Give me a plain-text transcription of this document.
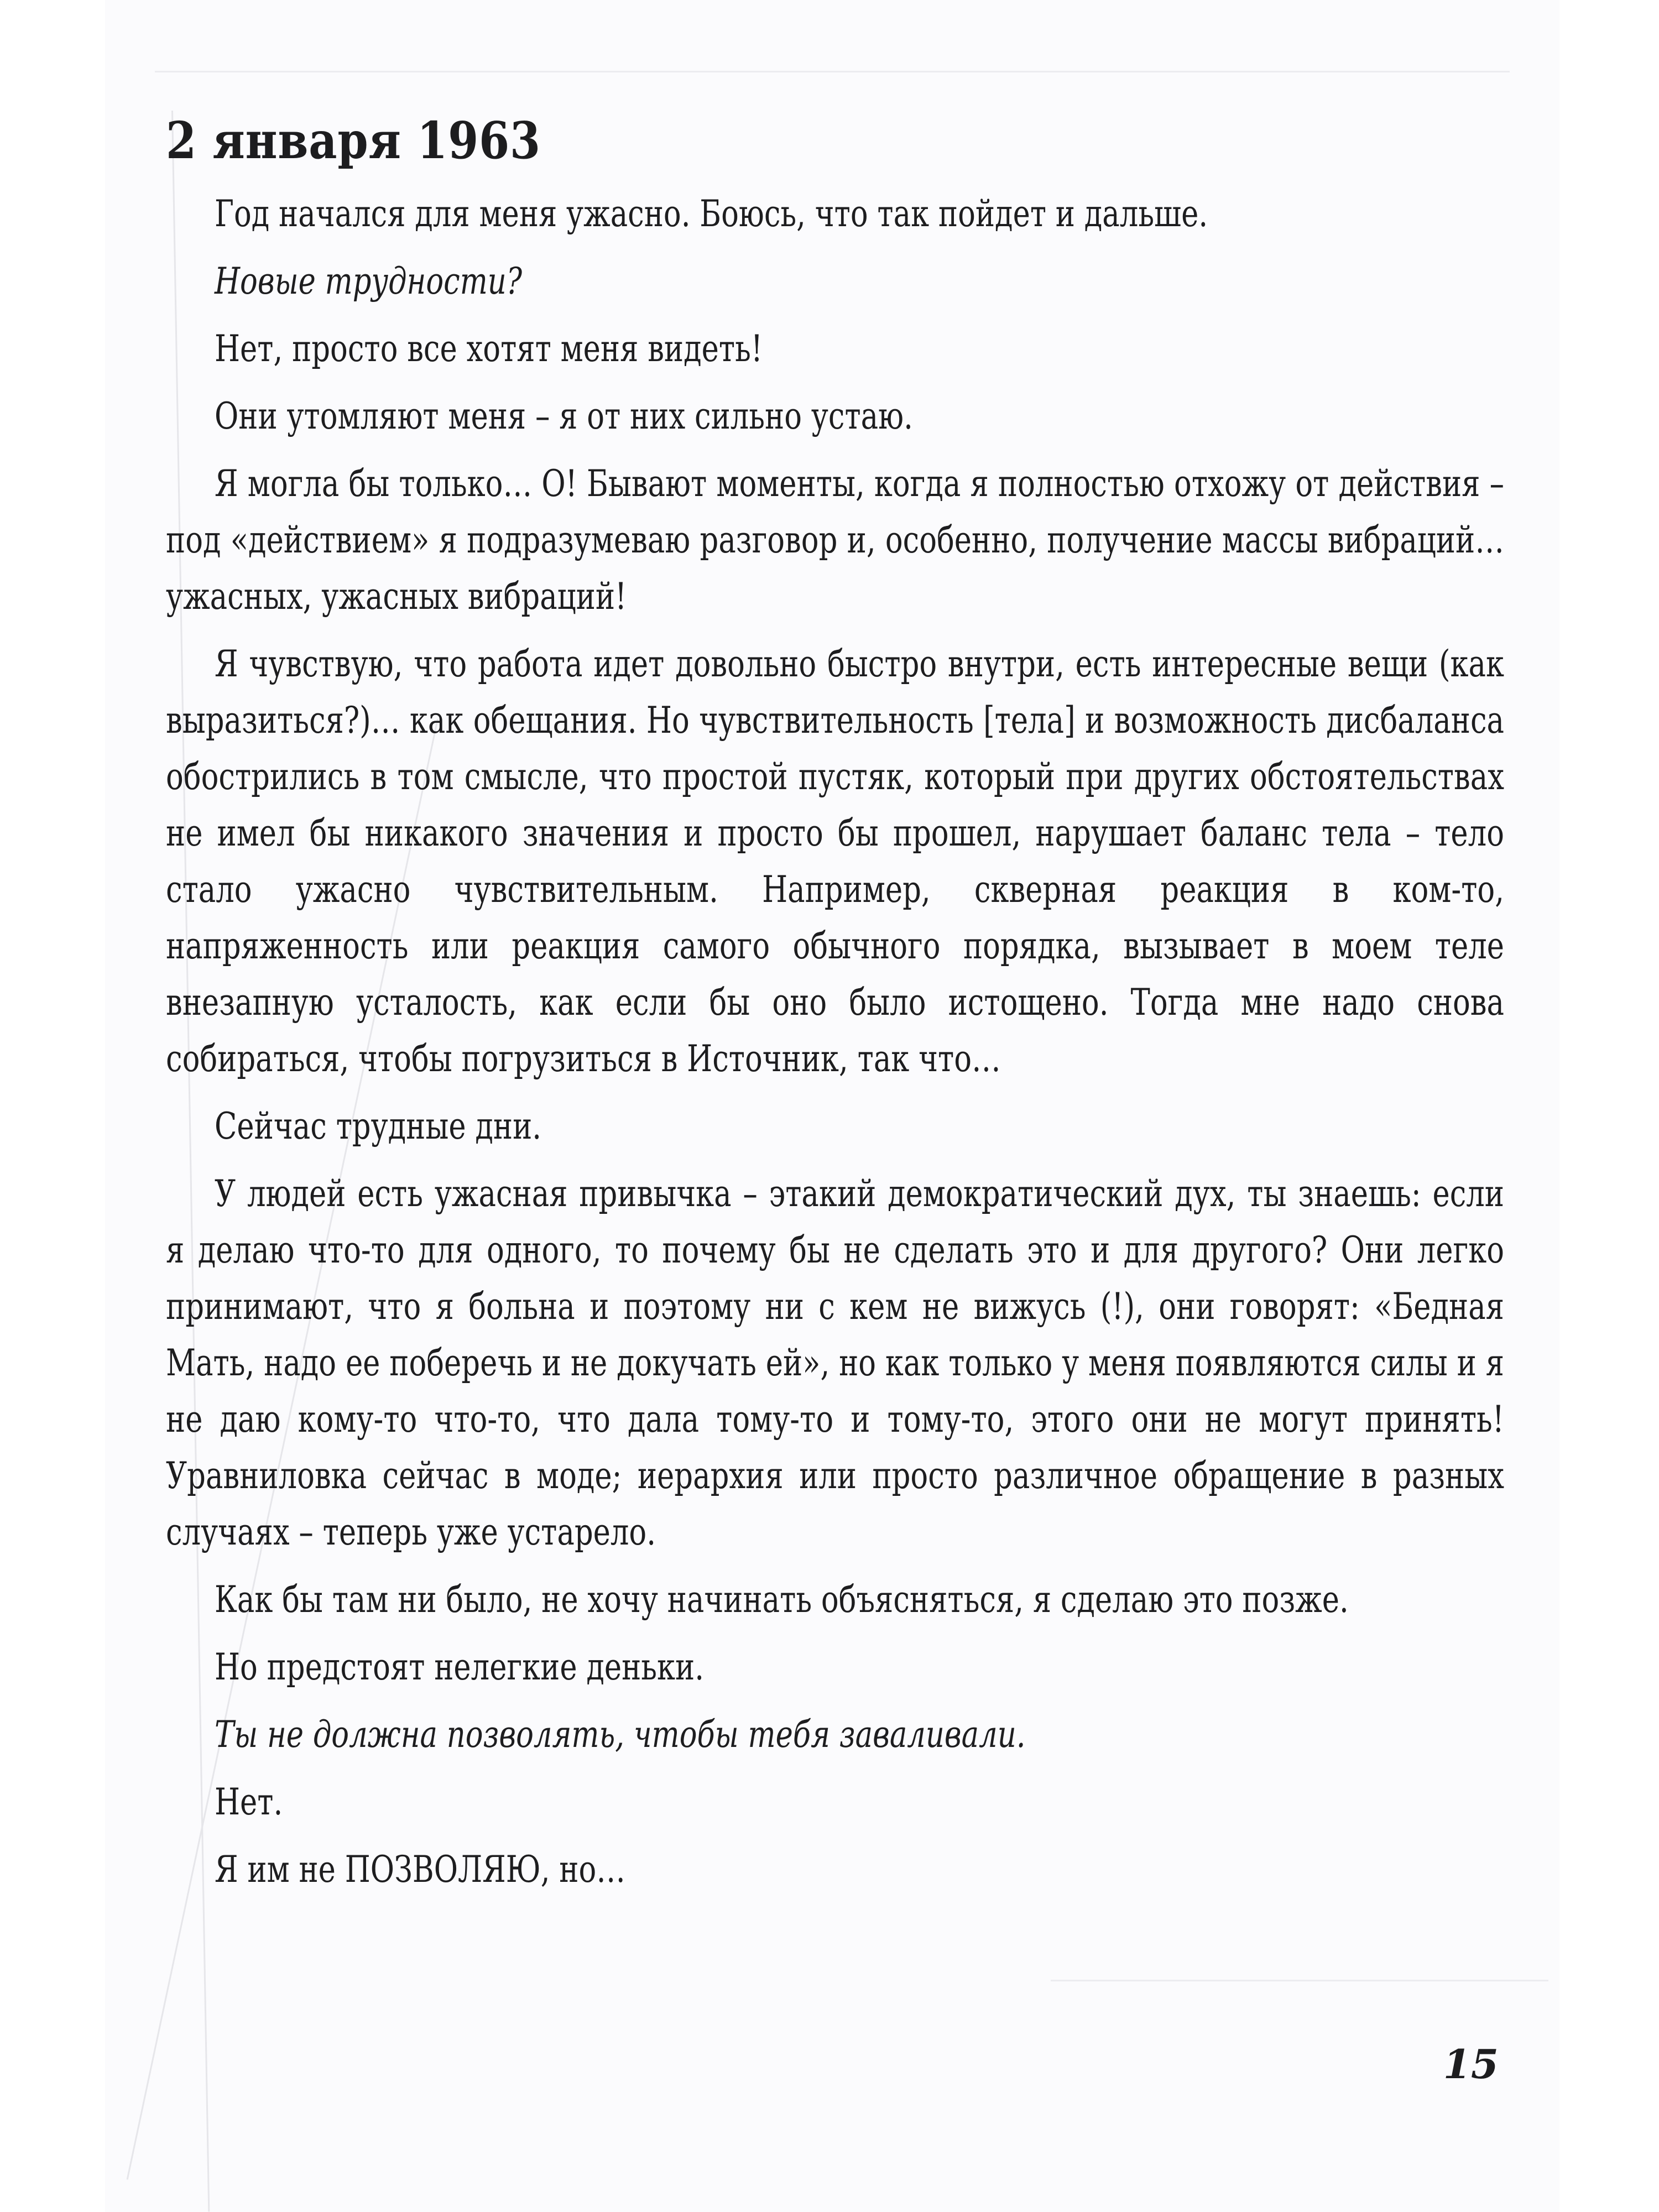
2 января 1963

Год начался для меня ужасно. Боюсь, что так пойдет и дальше.

Новые трудности?

Нет, просто все хотят меня видеть!

Они утомляют меня – я от них сильно устаю.

Я могла бы только… О! Бывают моменты, когда я полностью отхожу от действия – под «действием» я подразумеваю разговор и, особенно, получение массы вибраций… ужасных, ужасных вибраций!

Я чувствую, что работа идет довольно быстро внутри, есть интересные вещи (как выразиться?)… как обещания. Но чувствительность [тела] и возможность дисбаланса обострились в том смысле, что простой пустяк, который при других обстоятельствах не имел бы никакого значения и просто бы прошел, нарушает баланс тела – тело стало ужасно чувствительным. Например, скверная реакция в ком-то, напряженность или реакция самого обычного порядка, вызывает в моем теле внезапную усталость, как если бы оно было истощено. Тогда мне надо снова собираться, чтобы погрузиться в Источник, так что…

Сейчас трудные дни.

У людей есть ужасная привычка – этакий демократический дух, ты знаешь: если я делаю что-то для одного, то почему бы не сделать это и для другого? Они легко принимают, что я больна и поэтому ни с кем не вижусь (!), они говорят: «Бедная Мать, надо ее поберечь и не докучать ей», но как только у меня появляются силы и я не даю кому-то что-то, что дала тому-то и тому-то, этого они не могут принять! Уравниловка сейчас в моде; иерархия или просто различное обращение в разных случаях – теперь уже устарело.

Как бы там ни было, не хочу начинать объясняться, я сделаю это позже.

Но предстоят нелегкие деньки.

Ты не должна позволять, чтобы тебя заваливали.

Нет.

Я им не ПОЗВОЛЯЮ, но…

15
